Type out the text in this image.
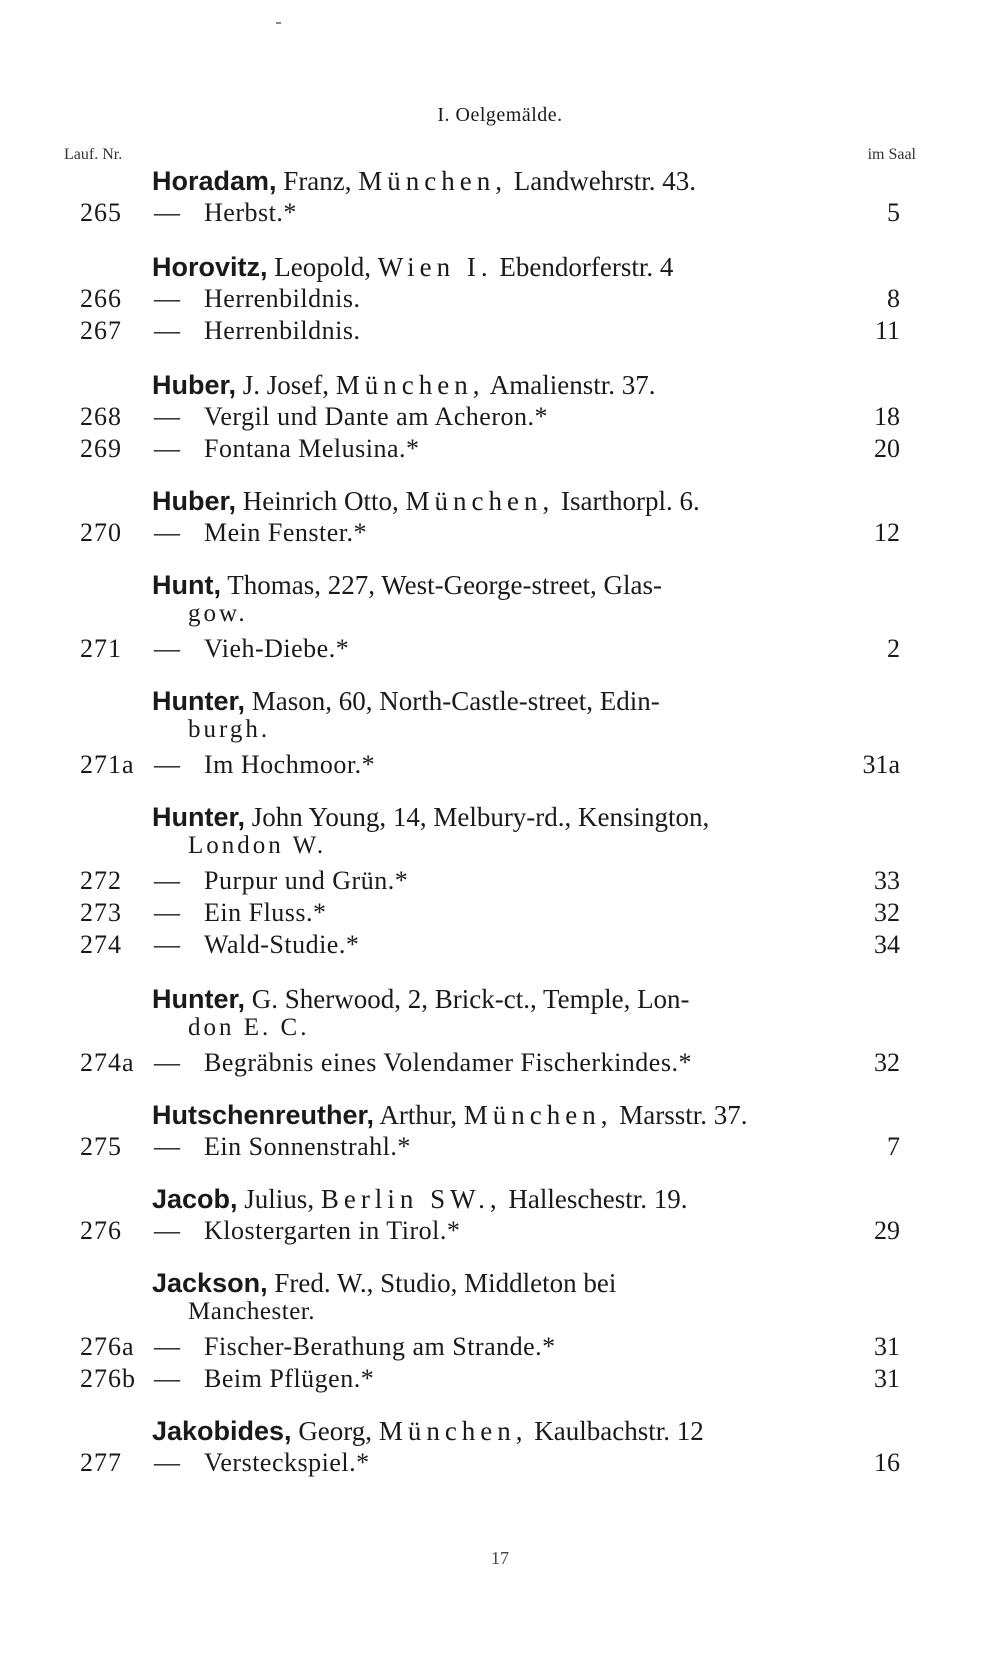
I. Oelgemälde.
Lauf. Nr.	im Saal
Horadam, Franz, München, Landwehrstr. 43.
265 — Herbst.*	5
Horovitz, Leopold, Wien I. Ebendorferstr. 4
266 — Herrenbildnis.	8
267 — Herrenbildnis.	11
Huber, J. Josef, München, Amalienstr. 37.
268 — Vergil und Dante am Acheron.*	18
269 — Fontana Melusina.*	20
Huber, Heinrich Otto, München, Isarthorpl. 6.
270 — Mein Fenster.*	12
Hunt, Thomas, 227, West-George-street, Glas-
gow.
271 — Vieh-Diebe.*	2
Hunter, Mason, 60, North-Castle-street, Edin-
burgh.
271a — Im Hochmoor.*	31a
Hunter, John Young, 14, Melbury-rd., Kensington,
London W.
272 — Purpur und Grün.*	33
273 — Ein Fluss.*	32
274 — Wald-Studie.*	34
Hunter, G. Sherwood, 2, Brick-ct., Temple, Lon-
don E. C.
274a — Begräbnis eines Volendamer Fischerkindes.*	32
Hutschenreuther, Arthur, München, Marsstr. 37.
275 — Ein Sonnenstrahl.*	7
Jacob, Julius, Berlin SW., Halleschestr. 19.
276 — Klostergarten in Tirol.*	29
Jackson, Fred. W., Studio, Middleton bei
Manchester.
276a — Fischer-Berathung am Strande.*	31
276b — Beim Pflügen.*	31
Jakobides, Georg, München, Kaulbachstr. 12
277 — Versteckspiel.*	16
17
